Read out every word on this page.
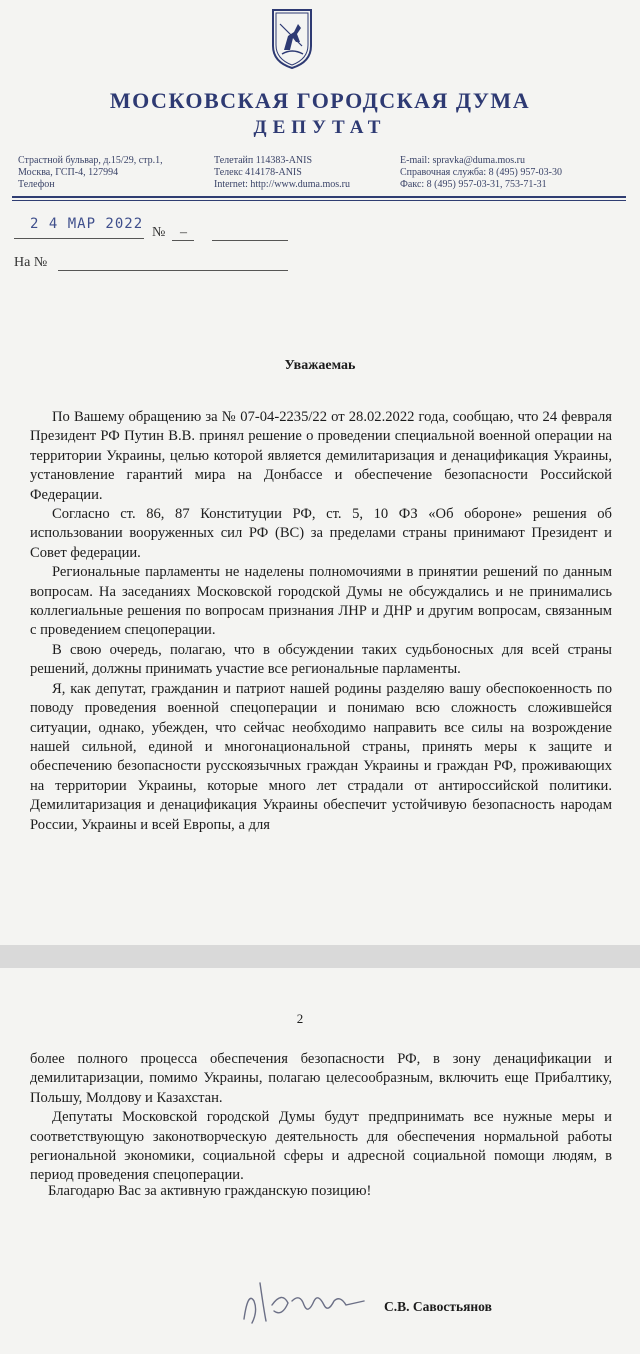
МОСКОВСКАЯ ГОРОДСКАЯ ДУМА
ДЕПУТАТ
Страстной бульвар, д.15/29, стр.1,
Москва, ГСП-4, 127994
Телефон
Телетайп 114383-ANIS
Телекс 414178-ANIS
Internet: http://www.duma.mos.ru
E-mail: spravka@duma.mos.ru
Справочная служба: 8 (495) 957-03-30
Факс: 8 (495) 957-03-31, 753-71-31
2 4 МАР 2022
№ –
На №
Уважаемаь

По Вашему обращению за № 07-04-2235/22 от 28.02.2022 года, сообщаю, что 24 февраля Президент РФ Путин В.В. принял решение о проведении специальной военной операции на территории Украины, целью которой является демилитаризация и денацификация Украины, установление гарантий мира на Донбассе и обеспечение безопасности Российской Федерации.

Согласно ст. 86, 87 Конституции РФ, ст. 5, 10 ФЗ «Об обороне» решения об использовании вооруженных сил РФ (ВС) за пределами страны принимают Президент и Совет федерации.

Региональные парламенты не наделены полномочиями в принятии решений по данным вопросам. На заседаниях Московской городской Думы не обсуждались и не принимались коллегиальные решения по вопросам признания ЛНР и ДНР и другим вопросам, связанным с проведением спецоперации.

В свою очередь, полагаю, что в обсуждении таких судьбоносных для всей страны решений, должны принимать участие все региональные парламенты.

Я, как депутат, гражданин и патриот нашей родины разделяю вашу обеспокоенность по поводу проведения военной спецоперации и понимаю всю сложность сложившейся ситуации, однако, убежден, что сейчас необходимо направить все силы на возрождение нашей сильной, единой и многонациональной страны, принять меры к защите и обеспечению безопасности русскоязычных граждан Украины и граждан РФ, проживающих на территории Украины, которые много лет страдали от антироссийской политики. Демилитаризация и денацификация Украины обеспечит устойчивую безопасность народам России, Украины и всей Европы, а для

2

более полного процесса обеспечения безопасности РФ, в зону денацификации и демилитаризации, помимо Украины, полагаю целесообразным, включить еще Прибалтику, Польшу, Молдову и Казахстан.

Депутаты Московской городской Думы будут предпринимать все нужные меры и соответствующую законотворческую деятельность для обеспечения нормальной работы региональной экономики, социальной сферы и адресной социальной помощи людям, в период проведения спецоперации.

Благодарю Вас за активную гражданскую позицию!
С.В. Савостьянов
